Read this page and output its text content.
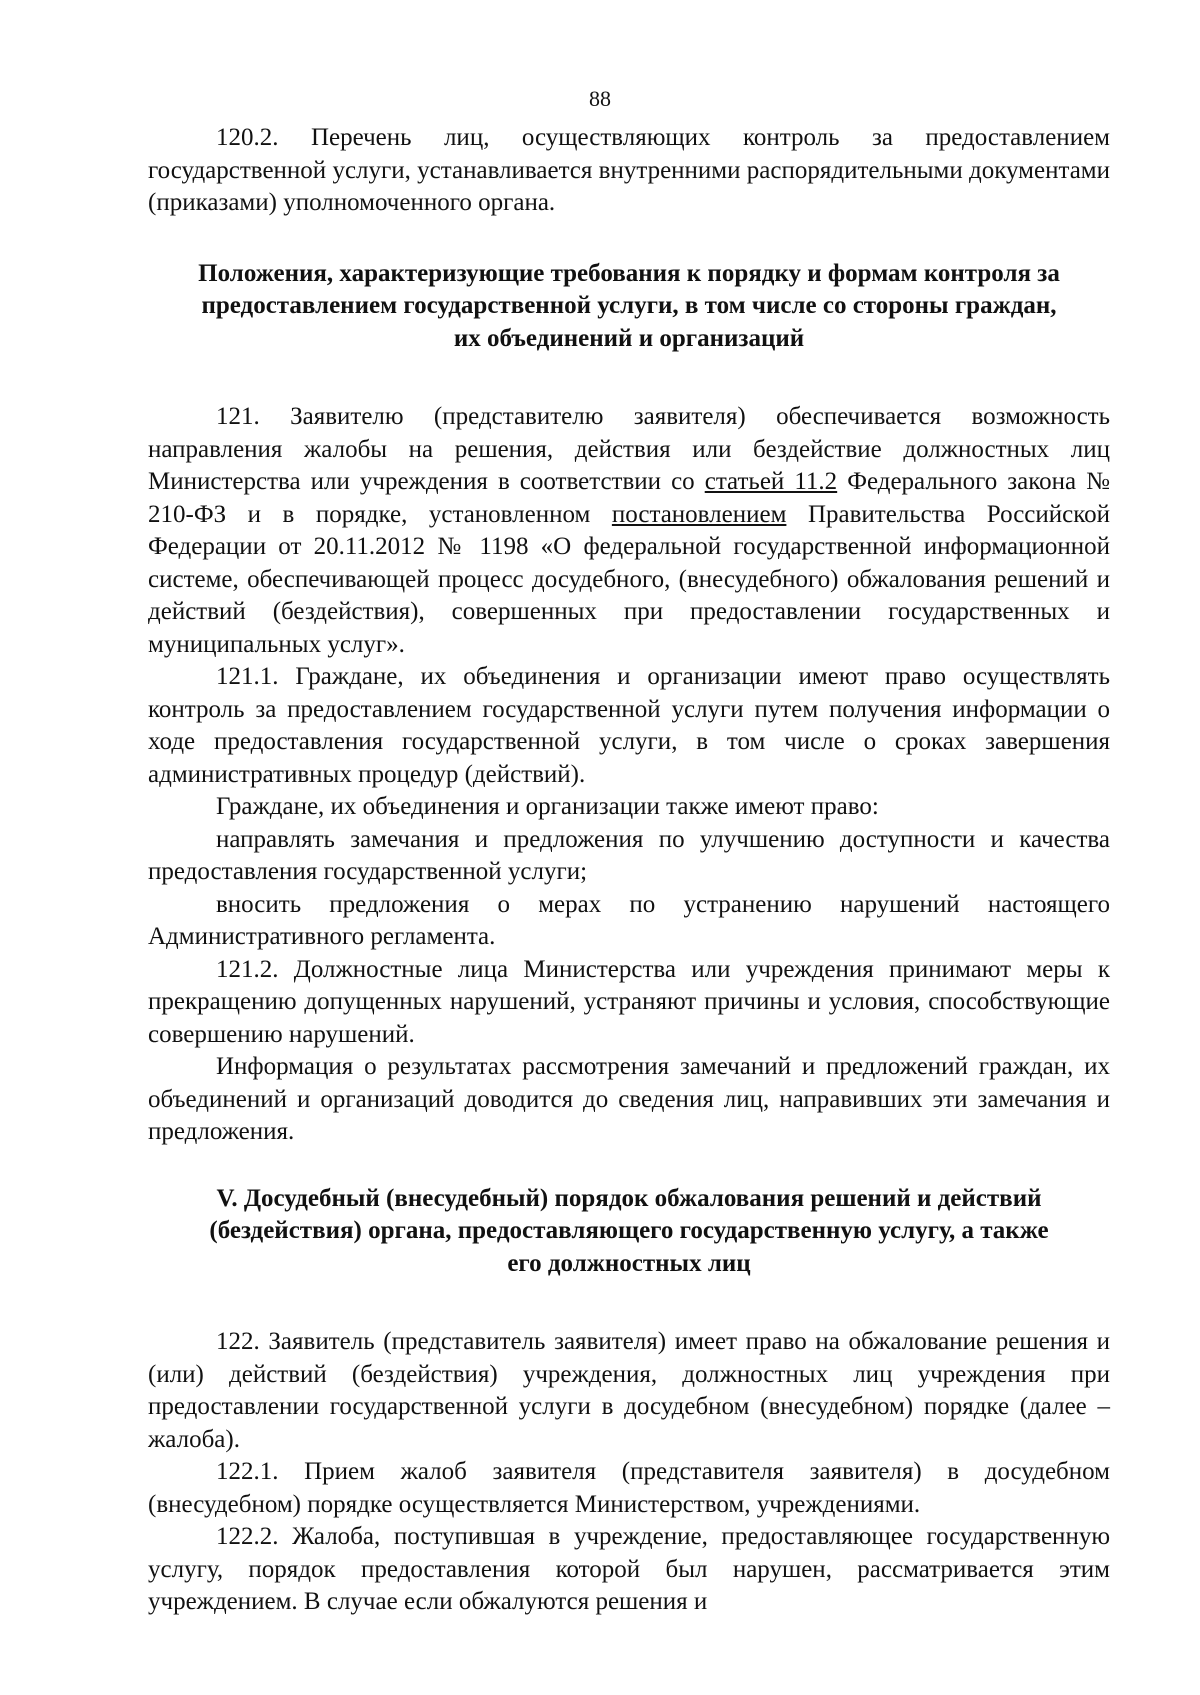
88

120.2. Перечень лиц, осуществляющих контроль за предоставлением государственной услуги, устанавливается внутренними распорядительными документами (приказами) уполномоченного органа.

Положения, характеризующие требования к порядку и формам контроля за предоставлением государственной услуги, в том числе со стороны граждан, их объединений и организаций

121. Заявителю (представителю заявителя) обеспечивается возможность направления жалобы на решения, действия или бездействие должностных лиц Министерства или учреждения в соответствии со статьей 11.2 Федерального закона № 210-ФЗ и в порядке, установленном постановлением Правительства Российской Федерации от 20.11.2012 № 1198 «О федеральной государственной информационной системе, обеспечивающей процесс досудебного, (внесудебного) обжалования решений и действий (бездействия), совершенных при предоставлении государственных и муниципальных услуг».

121.1. Граждане, их объединения и организации имеют право осуществлять контроль за предоставлением государственной услуги путем получения информации о ходе предоставления государственной услуги, в том числе о сроках завершения административных процедур (действий).

Граждане, их объединения и организации также имеют право:

направлять замечания и предложения по улучшению доступности и качества предоставления государственной услуги;

вносить предложения о мерах по устранению нарушений настоящего Административного регламента.

121.2. Должностные лица Министерства или учреждения принимают меры к прекращению допущенных нарушений, устраняют причины и условия, способствующие совершению нарушений.

Информация о результатах рассмотрения замечаний и предложений граждан, их объединений и организаций доводится до сведения лиц, направивших эти замечания и предложения.

V. Досудебный (внесудебный) порядок обжалования решений и действий (бездействия) органа, предоставляющего государственную услугу, а также его должностных лиц

122. Заявитель (представитель заявителя) имеет право на обжалование решения и (или) действий (бездействия) учреждения, должностных лиц учреждения при предоставлении государственной услуги в досудебном (внесудебном) порядке (далее – жалоба).

122.1. Прием жалоб заявителя (представителя заявителя) в досудебном (внесудебном) порядке осуществляется Министерством, учреждениями.

122.2. Жалоба, поступившая в учреждение, предоставляющее государственную услугу, порядок предоставления которой был нарушен, рассматривается этим учреждением. В случае если обжалуются решения и
